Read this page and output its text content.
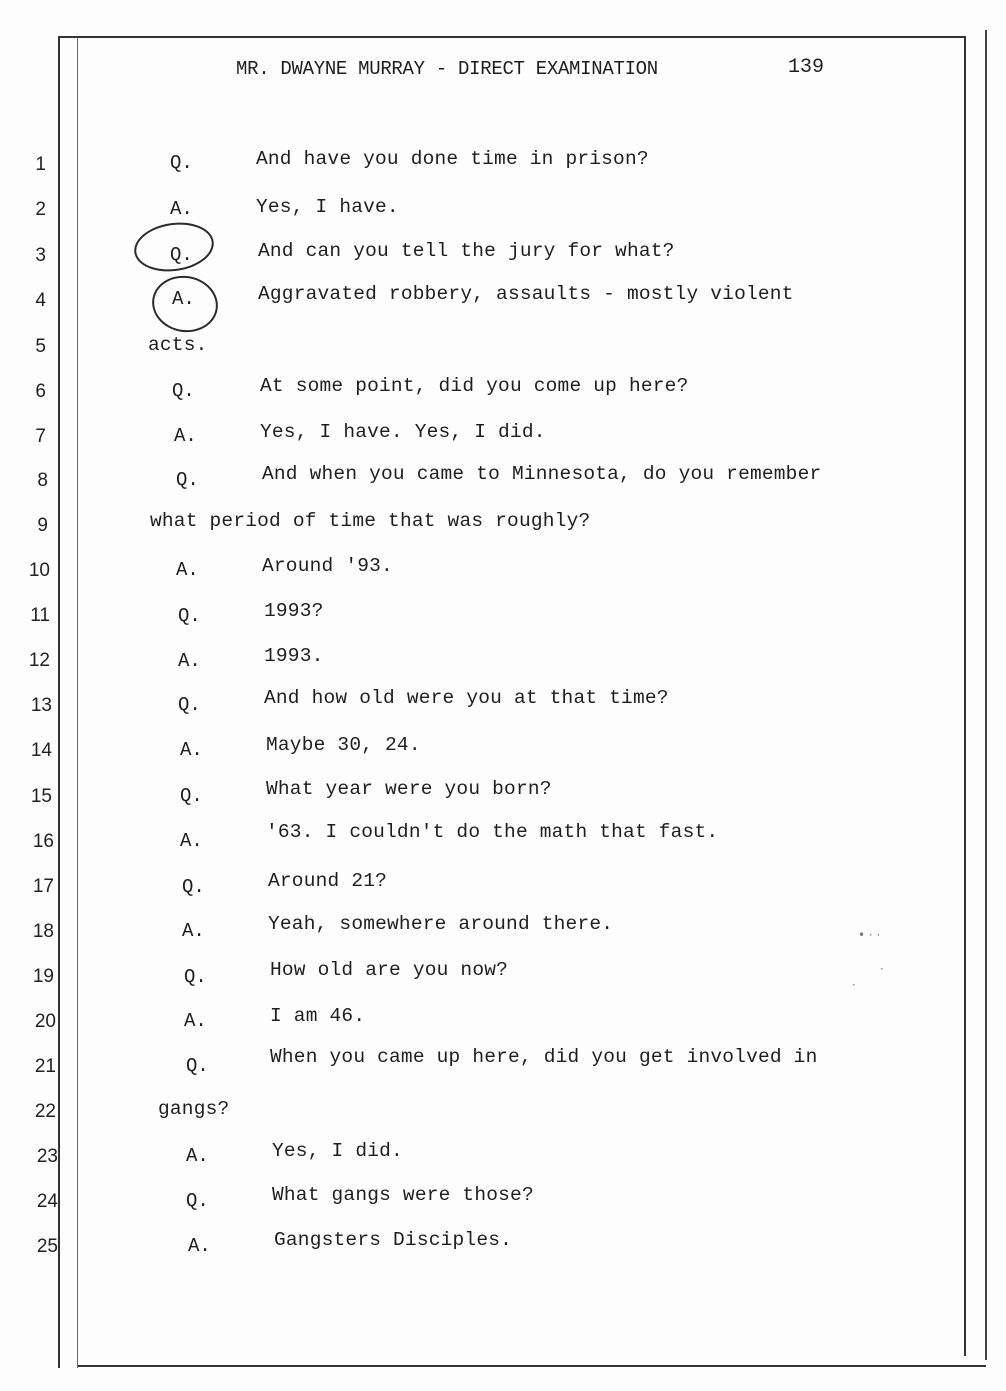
MR. DWAYNE MURRAY - DIRECT EXAMINATION	139
1	Q.	And have you done time in prison?
2	A.	Yes, I have.
3	Q.	And can you tell the jury for what?
4	A.	Aggravated robbery, assaults - mostly violent
5	acts.
6	Q.	At some point, did you come up here?
7	A.	Yes, I have. Yes, I did.
8	Q.	And when you came to Minnesota, do you remember
9	what period of time that was roughly?
10	A.	Around '93.
11	Q.	1993?
12	A.	1993.
13	Q.	And how old were you at that time?
14	A.	Maybe 30, 24.
15	Q.	What year were you born?
16	A.	'63. I couldn't do the math that fast.
17	Q.	Around 21?
18	A.	Yeah, somewhere around there.
19	Q.	How old are you now?
20	A.	I am 46.
21	Q.	When you came up here, did you get involved in
22	gangs?
23	A.	Yes, I did.
24	Q.	What gangs were those?
25	A.	Gangsters Disciples.
• ⋅ ⋅
⋅
⋅
